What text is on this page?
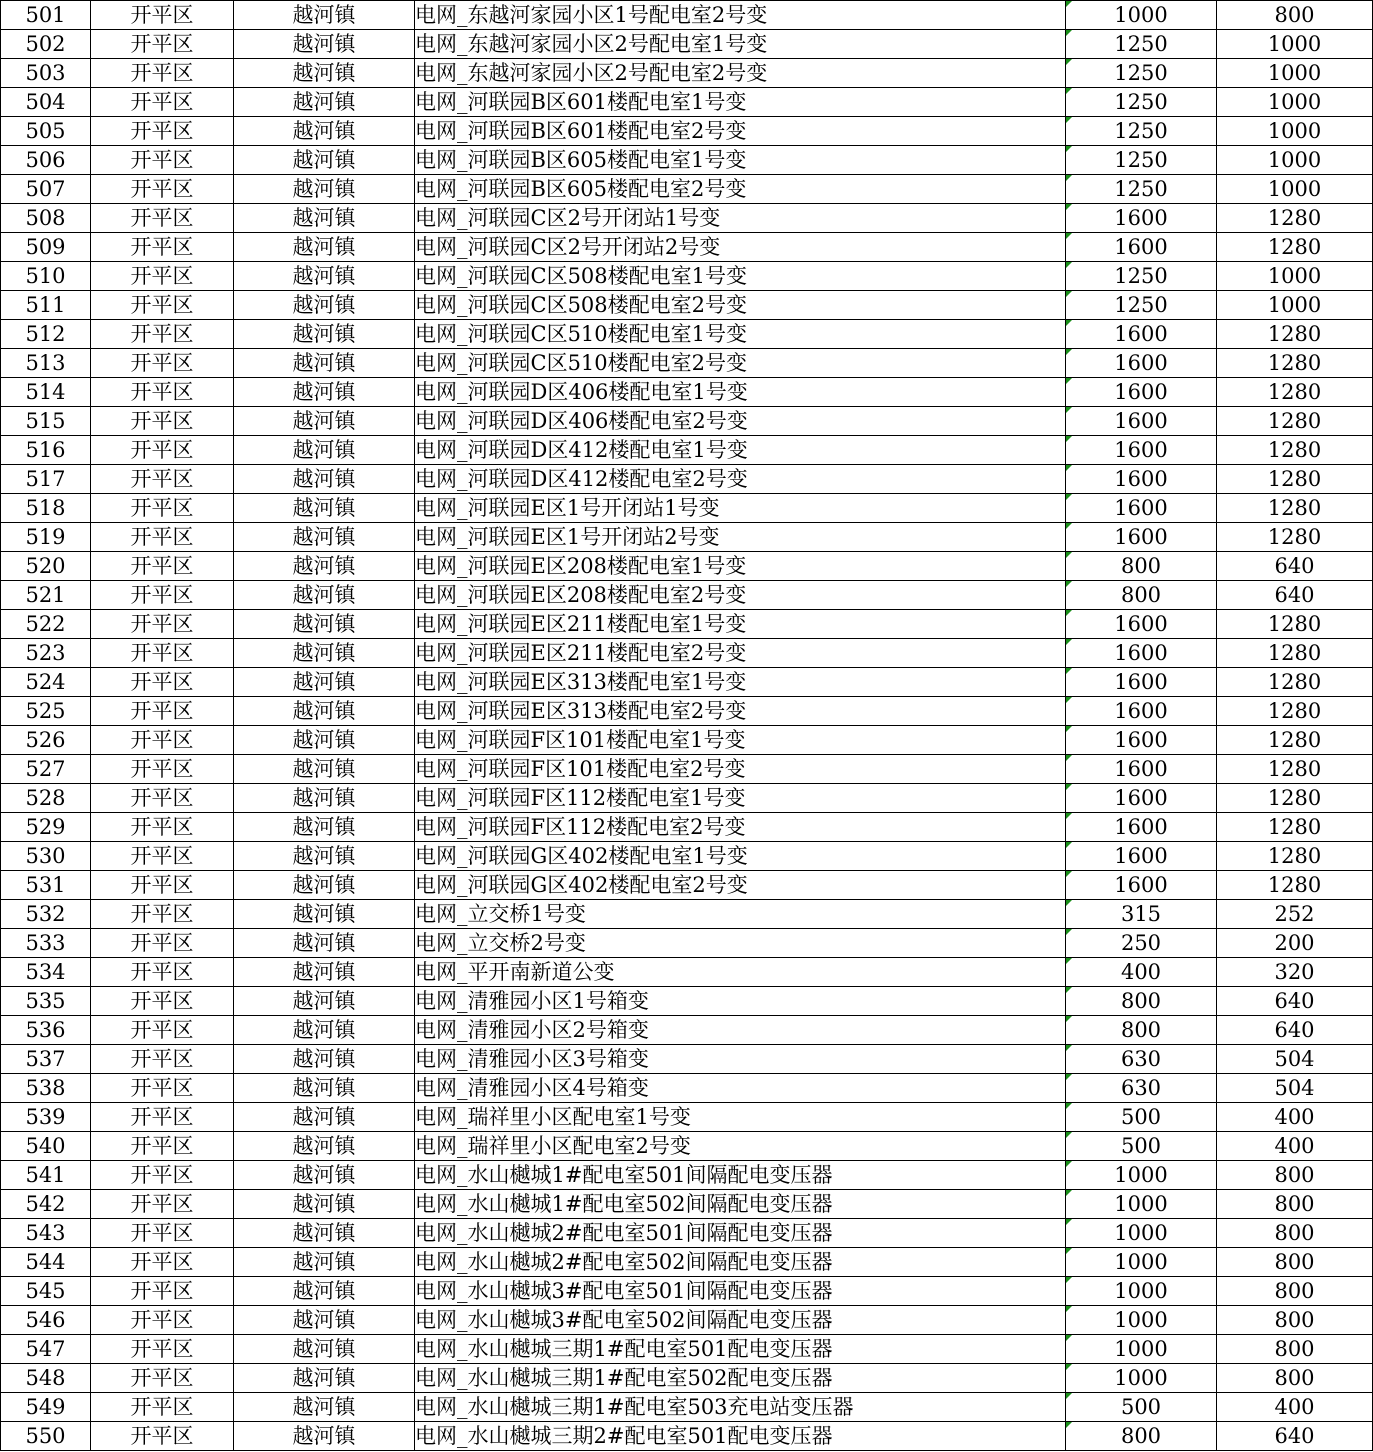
501	开平区	越河镇	电网_东越河家园小区1号配电室2号变	1000	800
502	开平区	越河镇	电网_东越河家园小区2号配电室1号变	1250	1000
503	开平区	越河镇	电网_东越河家园小区2号配电室2号变	1250	1000
504	开平区	越河镇	电网_河联园B区601楼配电室1号变	1250	1000
505	开平区	越河镇	电网_河联园B区601楼配电室2号变	1250	1000
506	开平区	越河镇	电网_河联园B区605楼配电室1号变	1250	1000
507	开平区	越河镇	电网_河联园B区605楼配电室2号变	1250	1000
508	开平区	越河镇	电网_河联园C区2号开闭站1号变	1600	1280
509	开平区	越河镇	电网_河联园C区2号开闭站2号变	1600	1280
510	开平区	越河镇	电网_河联园C区508楼配电室1号变	1250	1000
511	开平区	越河镇	电网_河联园C区508楼配电室2号变	1250	1000
512	开平区	越河镇	电网_河联园C区510楼配电室1号变	1600	1280
513	开平区	越河镇	电网_河联园C区510楼配电室2号变	1600	1280
514	开平区	越河镇	电网_河联园D区406楼配电室1号变	1600	1280
515	开平区	越河镇	电网_河联园D区406楼配电室2号变	1600	1280
516	开平区	越河镇	电网_河联园D区412楼配电室1号变	1600	1280
517	开平区	越河镇	电网_河联园D区412楼配电室2号变	1600	1280
518	开平区	越河镇	电网_河联园E区1号开闭站1号变	1600	1280
519	开平区	越河镇	电网_河联园E区1号开闭站2号变	1600	1280
520	开平区	越河镇	电网_河联园E区208楼配电室1号变	800	640
521	开平区	越河镇	电网_河联园E区208楼配电室2号变	800	640
522	开平区	越河镇	电网_河联园E区211楼配电室1号变	1600	1280
523	开平区	越河镇	电网_河联园E区211楼配电室2号变	1600	1280
524	开平区	越河镇	电网_河联园E区313楼配电室1号变	1600	1280
525	开平区	越河镇	电网_河联园E区313楼配电室2号变	1600	1280
526	开平区	越河镇	电网_河联园F区101楼配电室1号变	1600	1280
527	开平区	越河镇	电网_河联园F区101楼配电室2号变	1600	1280
528	开平区	越河镇	电网_河联园F区112楼配电室1号变	1600	1280
529	开平区	越河镇	电网_河联园F区112楼配电室2号变	1600	1280
530	开平区	越河镇	电网_河联园G区402楼配电室1号变	1600	1280
531	开平区	越河镇	电网_河联园G区402楼配电室2号变	1600	1280
532	开平区	越河镇	电网_立交桥1号变	315	252
533	开平区	越河镇	电网_立交桥2号变	250	200
534	开平区	越河镇	电网_平开南新道公变	400	320
535	开平区	越河镇	电网_清雅园小区1号箱变	800	640
536	开平区	越河镇	电网_清雅园小区2号箱变	800	640
537	开平区	越河镇	电网_清雅园小区3号箱变	630	504
538	开平区	越河镇	电网_清雅园小区4号箱变	630	504
539	开平区	越河镇	电网_瑞祥里小区配电室1号变	500	400
540	开平区	越河镇	电网_瑞祥里小区配电室2号变	500	400
541	开平区	越河镇	电网_水山樾城1#配电室501间隔配电变压器	1000	800
542	开平区	越河镇	电网_水山樾城1#配电室502间隔配电变压器	1000	800
543	开平区	越河镇	电网_水山樾城2#配电室501间隔配电变压器	1000	800
544	开平区	越河镇	电网_水山樾城2#配电室502间隔配电变压器	1000	800
545	开平区	越河镇	电网_水山樾城3#配电室501间隔配电变压器	1000	800
546	开平区	越河镇	电网_水山樾城3#配电室502间隔配电变压器	1000	800
547	开平区	越河镇	电网_水山樾城三期1#配电室501配电变压器	1000	800
548	开平区	越河镇	电网_水山樾城三期1#配电室502配电变压器	1000	800
549	开平区	越河镇	电网_水山樾城三期1#配电室503充电站变压器	500	400
550	开平区	越河镇	电网_水山樾城三期2#配电室501配电变压器	800	640
